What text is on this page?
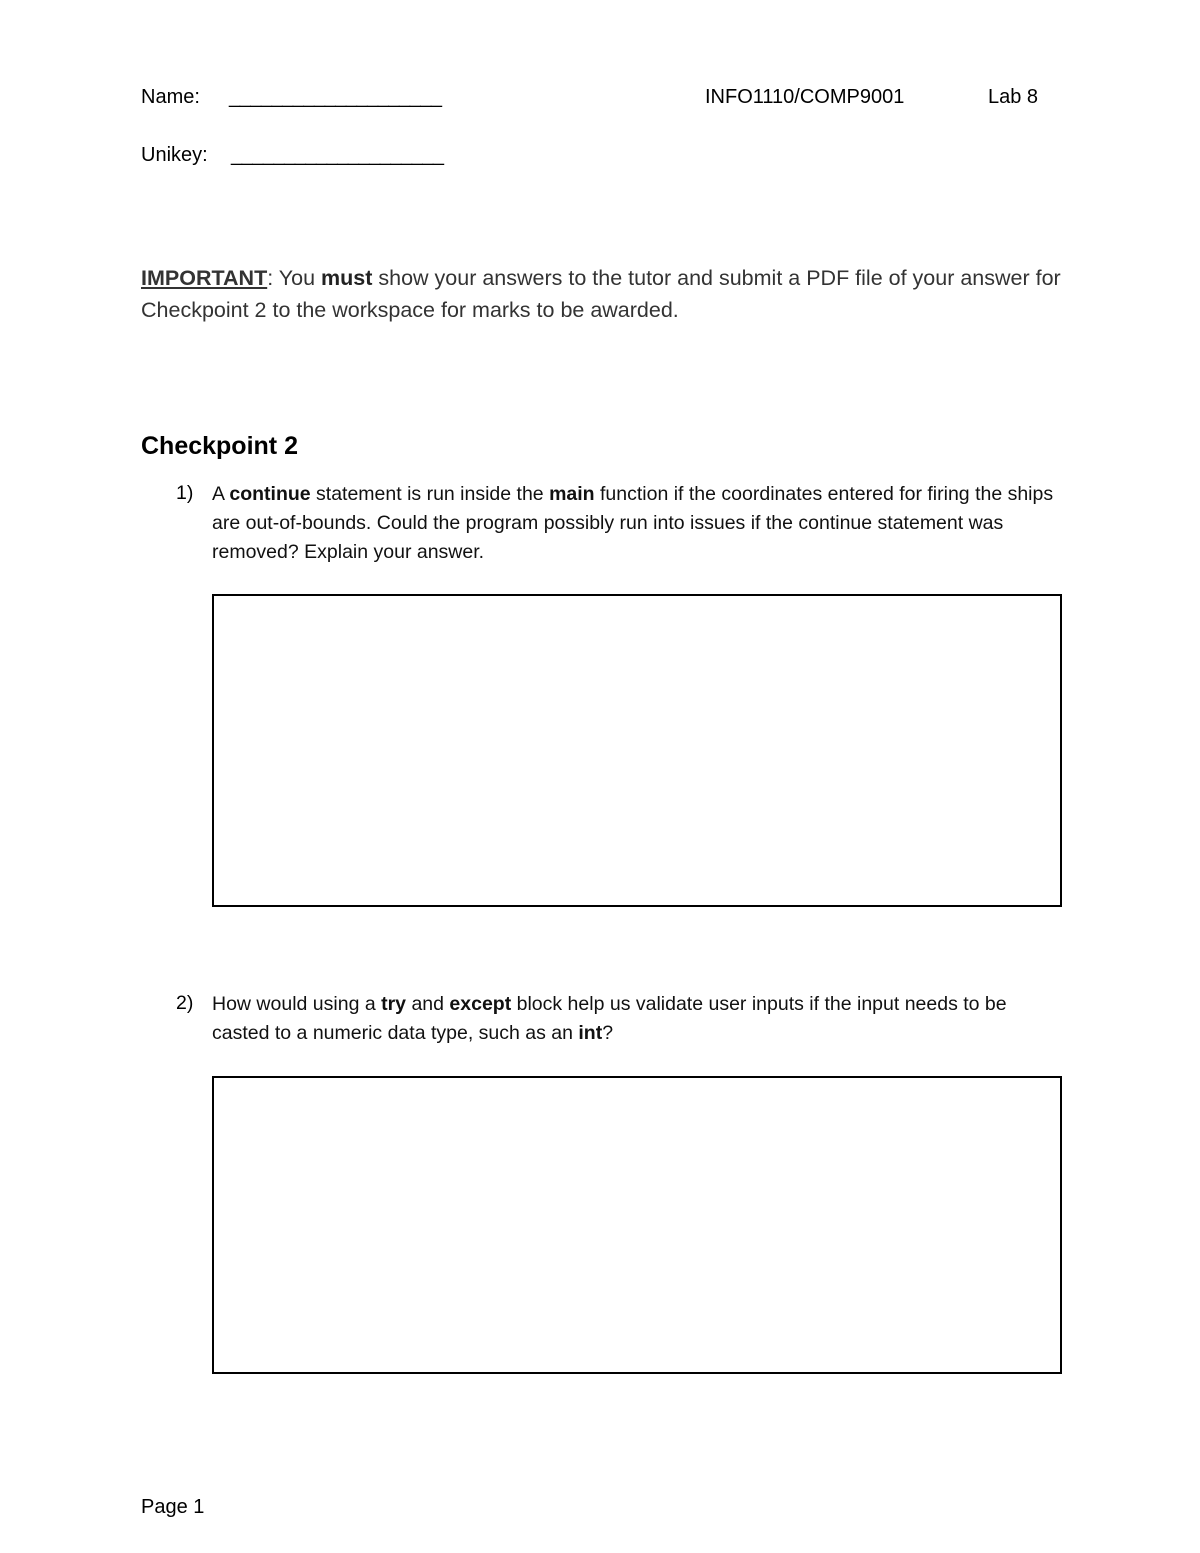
Name: ____________________	INFO1110/COMP9001	Lab 8
Unikey: ____________________
IMPORTANT: You must show your answers to the tutor and submit a PDF file of your answer for Checkpoint 2 to the workspace for marks to be awarded.
Checkpoint 2
1) A continue statement is run inside the main function if the coordinates entered for firing the ships are out-of-bounds. Could the program possibly run into issues if the continue statement was removed? Explain your answer.
2) How would using a try and except block help us validate user inputs if the input needs to be casted to a numeric data type, such as an int?
Page 1
